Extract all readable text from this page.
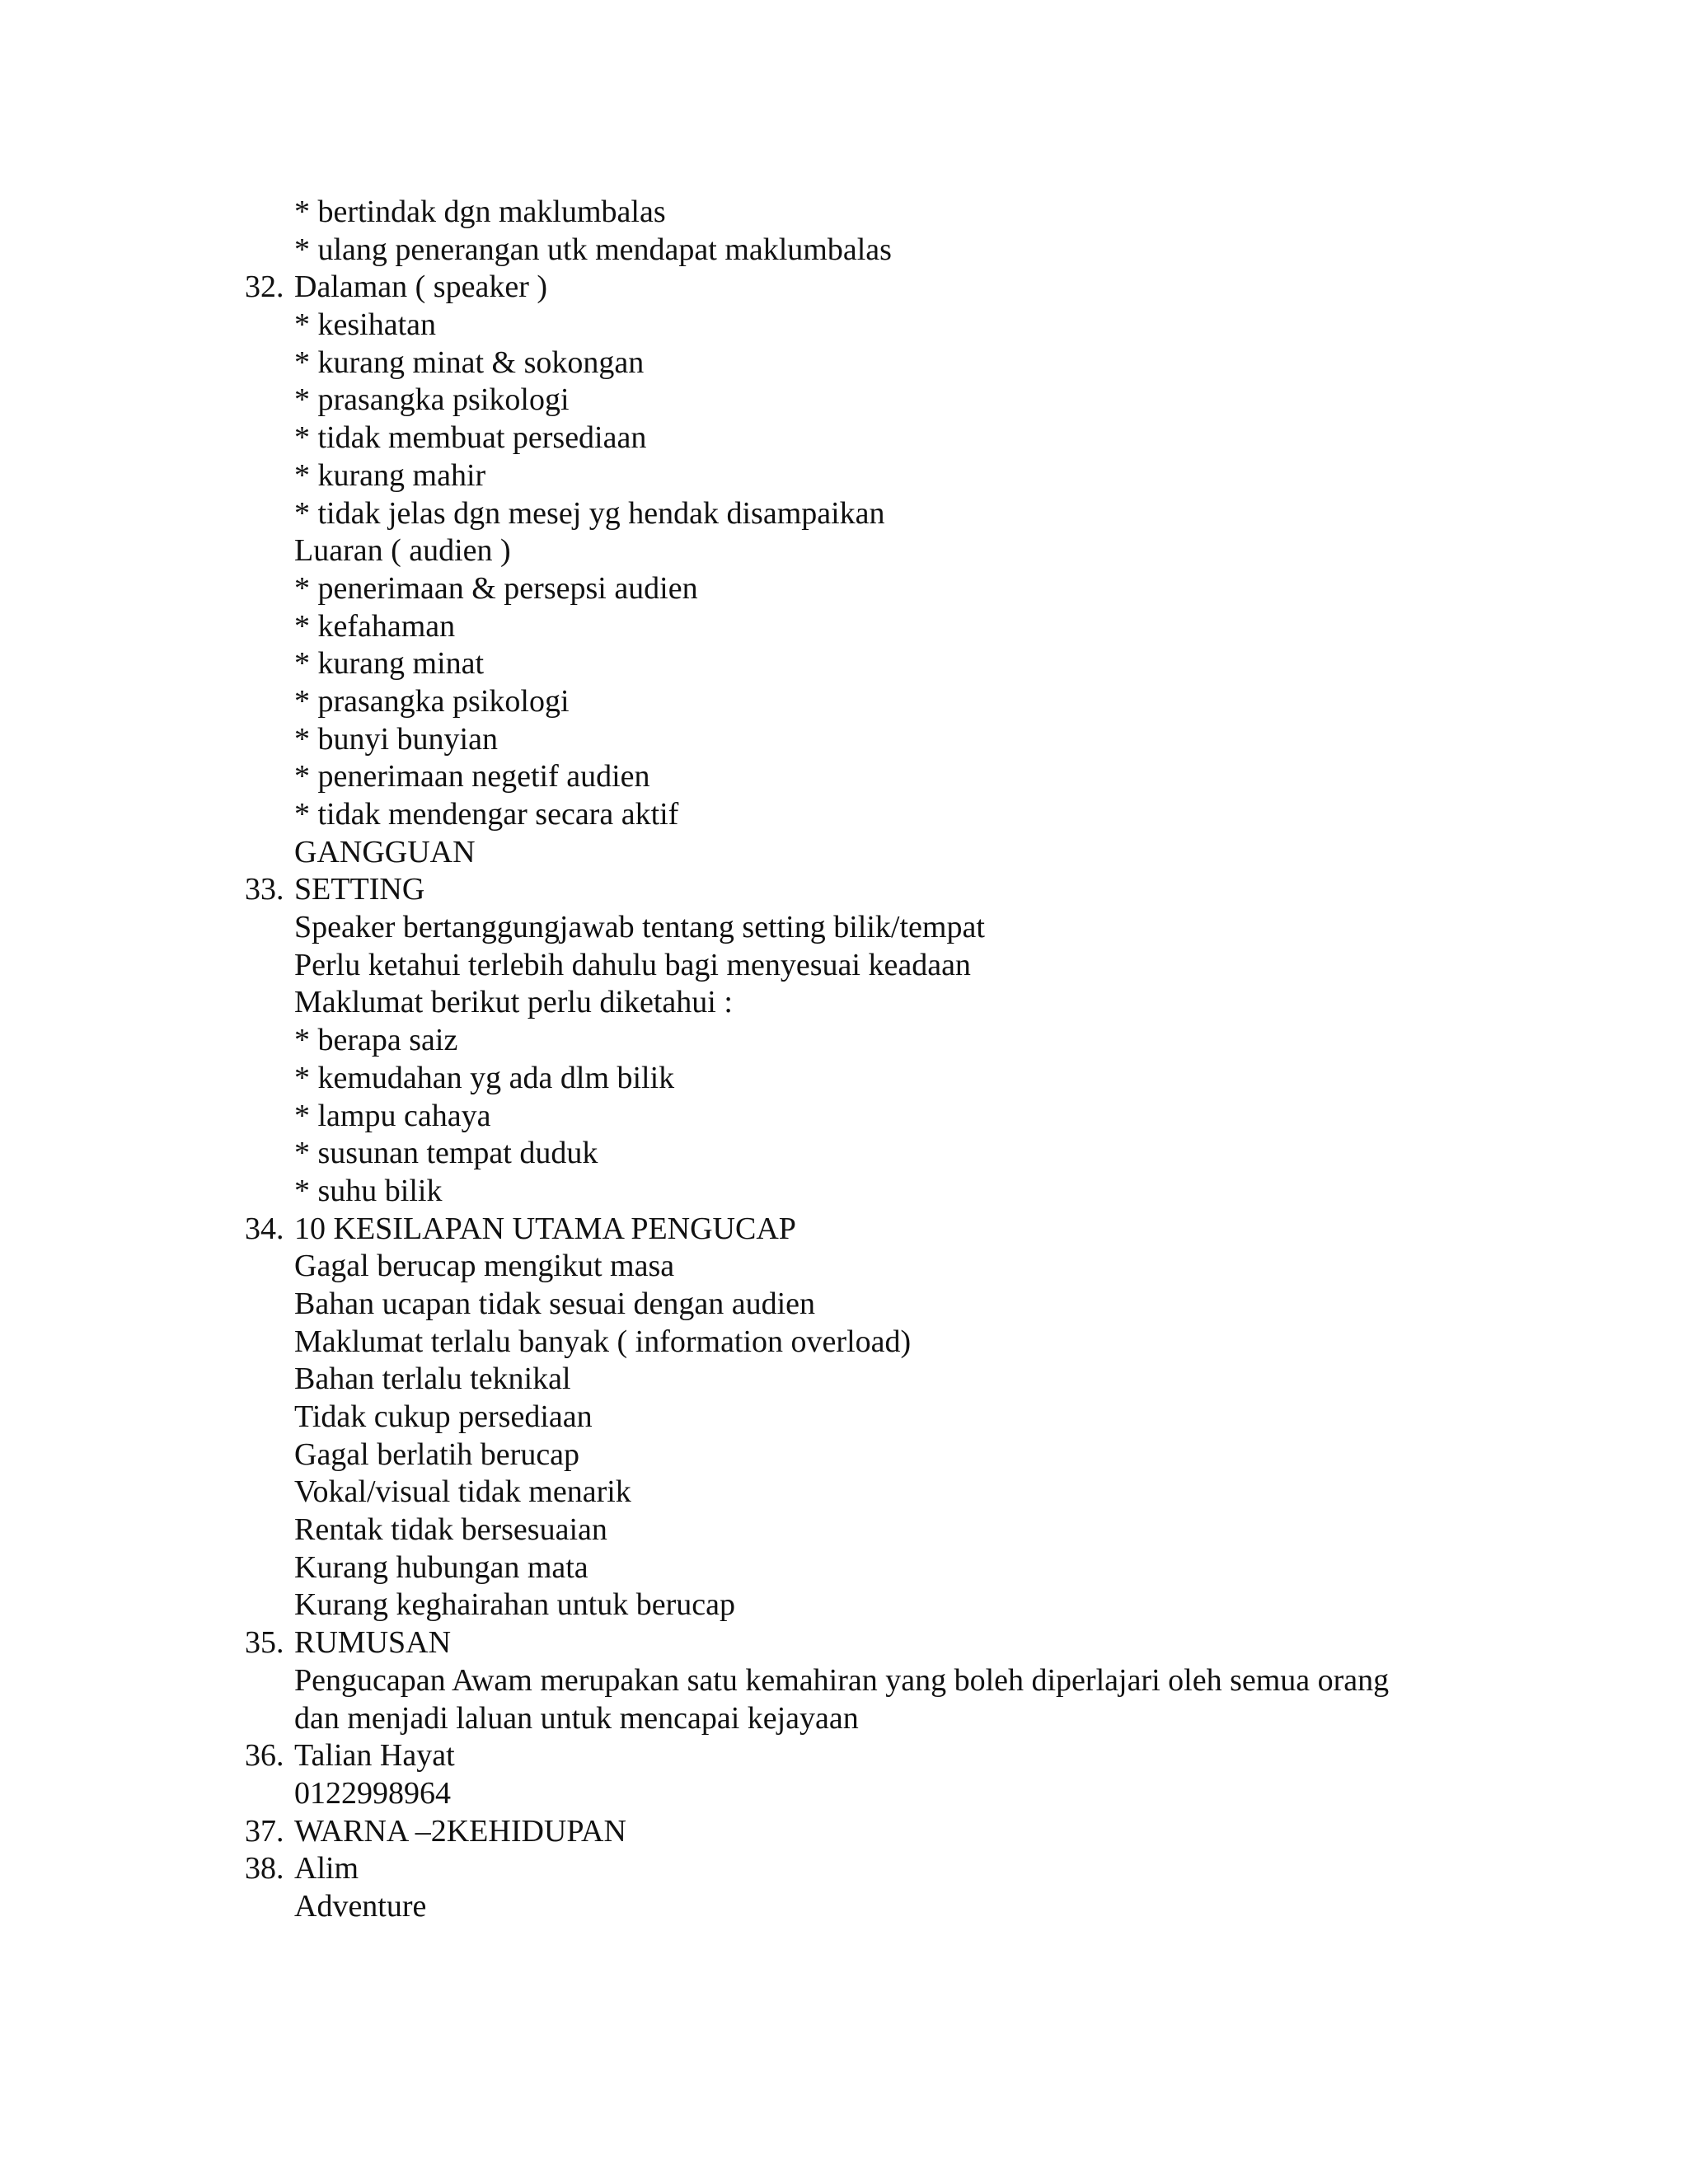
* bertindak dgn maklumbalas
* ulang penerangan utk mendapat maklumbalas
32. Dalaman ( speaker )
* kesihatan
* kurang minat & sokongan
* prasangka psikologi
* tidak membuat persediaan
* kurang mahir
* tidak jelas dgn mesej yg hendak disampaikan
Luaran ( audien )
* penerimaan & persepsi audien
* kefahaman
* kurang minat
* prasangka psikologi
* bunyi bunyian
* penerimaan negetif audien
* tidak mendengar secara aktif
GANGGUAN
33. SETTING
Speaker bertanggungjawab tentang setting bilik/tempat
Perlu ketahui terlebih dahulu bagi menyesuai keadaan
Maklumat berikut perlu diketahui :
* berapa saiz
* kemudahan yg ada dlm bilik
* lampu cahaya
* susunan tempat duduk
* suhu bilik
34. 10 KESILAPAN UTAMA PENGUCAP
Gagal berucap mengikut masa
Bahan ucapan tidak sesuai dengan audien
Maklumat terlalu banyak ( information overload)
Bahan terlalu teknikal
Tidak cukup persediaan
Gagal berlatih berucap
Vokal/visual tidak menarik
Rentak tidak bersesuaian
Kurang hubungan mata
Kurang keghairahan untuk berucap
35. RUMUSAN
Pengucapan Awam merupakan satu kemahiran yang boleh diperlajari oleh semua orang
dan menjadi laluan untuk mencapai kejayaan
36. Talian Hayat
0122998964
37. WARNA –2KEHIDUPAN
38. Alim
Adventure
